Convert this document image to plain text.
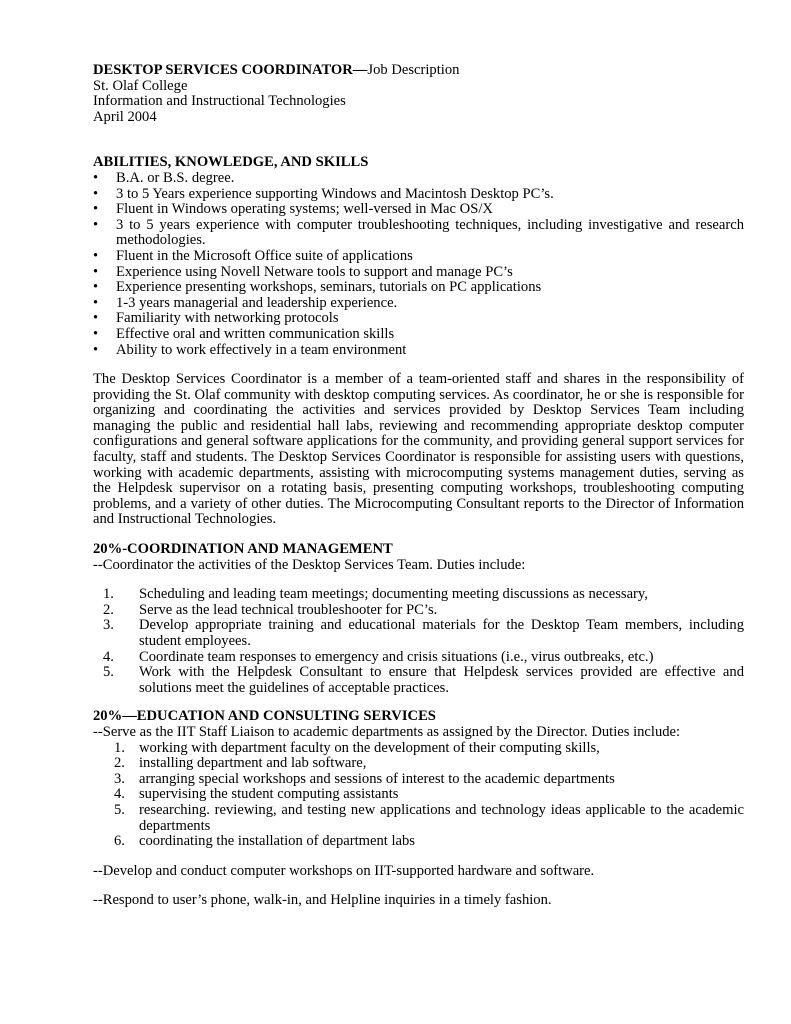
DESKTOP SERVICES COORDINATOR—Job Description
St. Olaf College
Information and Instructional Technologies
April 2004
ABILITIES, KNOWLEDGE, AND SKILLS
• B.A. or B.S. degree.
• 3 to 5 Years experience supporting Windows and Macintosh Desktop PC’s.
• Fluent in Windows operating systems; well-versed in Mac OS/X
• 3 to 5 years experience with computer troubleshooting techniques, including investigative and research methodologies.
• Fluent in the Microsoft Office suite of applications
• Experience using Novell Netware tools to support and manage PC’s
• Experience presenting workshops, seminars, tutorials on PC applications
• 1-3 years managerial and leadership experience.
• Familiarity with networking protocols
• Effective oral and written communication skills
• Ability to work effectively in a team environment

The Desktop Services Coordinator is a member of a team-oriented staff and shares in the responsibility of providing the St. Olaf community with desktop computing services. As coordinator, he or she is responsible for organizing and coordinating the activities and services provided by Desktop Services Team including managing the public and residential hall labs, reviewing and recommending appropriate desktop computer configurations and general software applications for the community, and providing general support services for faculty, staff and students. The Desktop Services Coordinator is responsible for assisting users with questions, working with academic departments, assisting with microcomputing systems management duties, serving as the Helpdesk supervisor on a rotating basis, presenting computing workshops, troubleshooting computing problems, and a variety of other duties. The Microcomputing Consultant reports to the Director of Information and Instructional Technologies.

20%-COORDINATION AND MANAGEMENT
--Coordinator the activities of the Desktop Services Team. Duties include:
1. Scheduling and leading team meetings; documenting meeting discussions as necessary,
2. Serve as the lead technical troubleshooter for PC’s.
3. Develop appropriate training and educational materials for the Desktop Team members, including student employees.
4. Coordinate team responses to emergency and crisis situations (i.e., virus outbreaks, etc.)
5. Work with the Helpdesk Consultant to ensure that Helpdesk services provided are effective and solutions meet the guidelines of acceptable practices.
20%—EDUCATION AND CONSULTING SERVICES
--Serve as the IIT Staff Liaison to academic departments as assigned by the Director. Duties include:
1. working with department faculty on the development of their computing skills,
2. installing department and lab software,
3. arranging special workshops and sessions of interest to the academic departments
4. supervising the student computing assistants
5. researching. reviewing, and testing new applications and technology ideas applicable to the academic departments
6. coordinating the installation of department labs
--Develop and conduct computer workshops on IIT-supported hardware and software.
--Respond to user’s phone, walk-in, and Helpline inquiries in a timely fashion.
